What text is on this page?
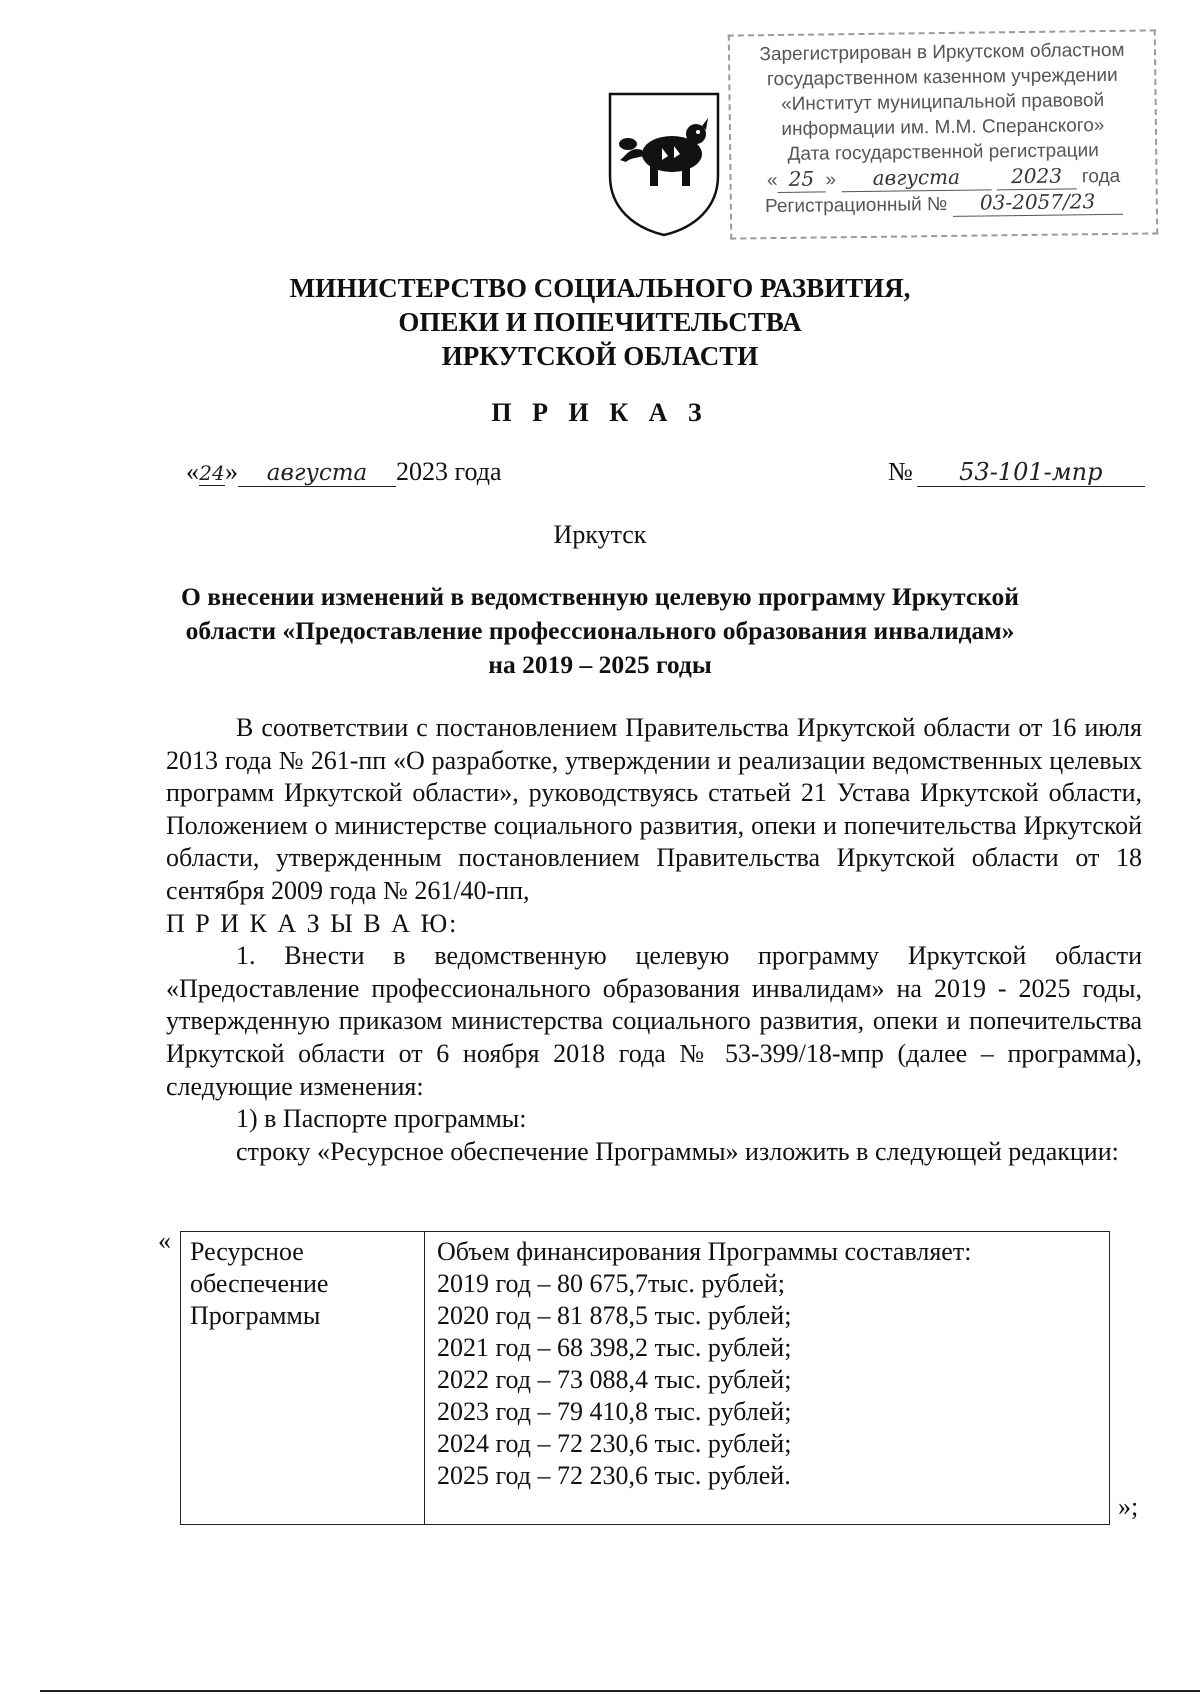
Зарегистрирован в Иркутском областном
государственном казенном учреждении
«Институт муниципальной правовой
информации им. М.М. Сперанского»
Дата государственной регистрации
« 25 » августа	2023 года
Регистрационный № 03-2057/23
МИНИСТЕРСТВО СОЦИАЛЬНОГО РАЗВИТИЯ,
ОПЕКИ И ПОПЕЧИТЕЛЬСТВА
ИРКУТСКОЙ ОБЛАСТИ
П Р И К А З
«24» августа 2023 года	№ 53-101-мпр
Иркутск
О внесении изменений в ведомственную целевую программу Иркутской
области «Предоставление профессионального образования инвалидам»
на 2019 – 2025 годы

В соответствии с постановлением Правительства Иркутской области от 16 июля 2013 года № 261-пп «О разработке, утверждении и реализации ведомственных целевых программ Иркутской области», руководствуясь статьей 21 Устава Иркутской области, Положением о министерстве социального развития, опеки и попечительства Иркутской области, утвержденным постановлением Правительства Иркутской области от 18 сентября 2009 года № 261/40-пп,

П Р И К А З Ы В А Ю:

1. Внести в ведомственную целевую программу Иркутской области «Предоставление профессионального образования инвалидам» на 2019 - 2025 годы, утвержденную приказом министерства социального развития, опеки и попечительства Иркутской области от 6 ноября 2018 года № 53-399/18-мпр (далее – программа), следующие изменения:

1) в Паспорте программы:

строку «Ресурсное обеспечение Программы» изложить в следующей редакции:

« Ресурсное
обеспечение
Программы
Объем финансирования Программы составляет:
2019 год – 80 675,7тыс. рублей;
2020 год – 81 878,5 тыс. рублей;
2021 год – 68 398,2 тыс. рублей;
2022 год – 73 088,4 тыс. рублей;
2023 год – 79 410,8 тыс. рублей;
2024 год – 72 230,6 тыс. рублей;
2025 год – 72 230,6 тыс. рублей.
»;
